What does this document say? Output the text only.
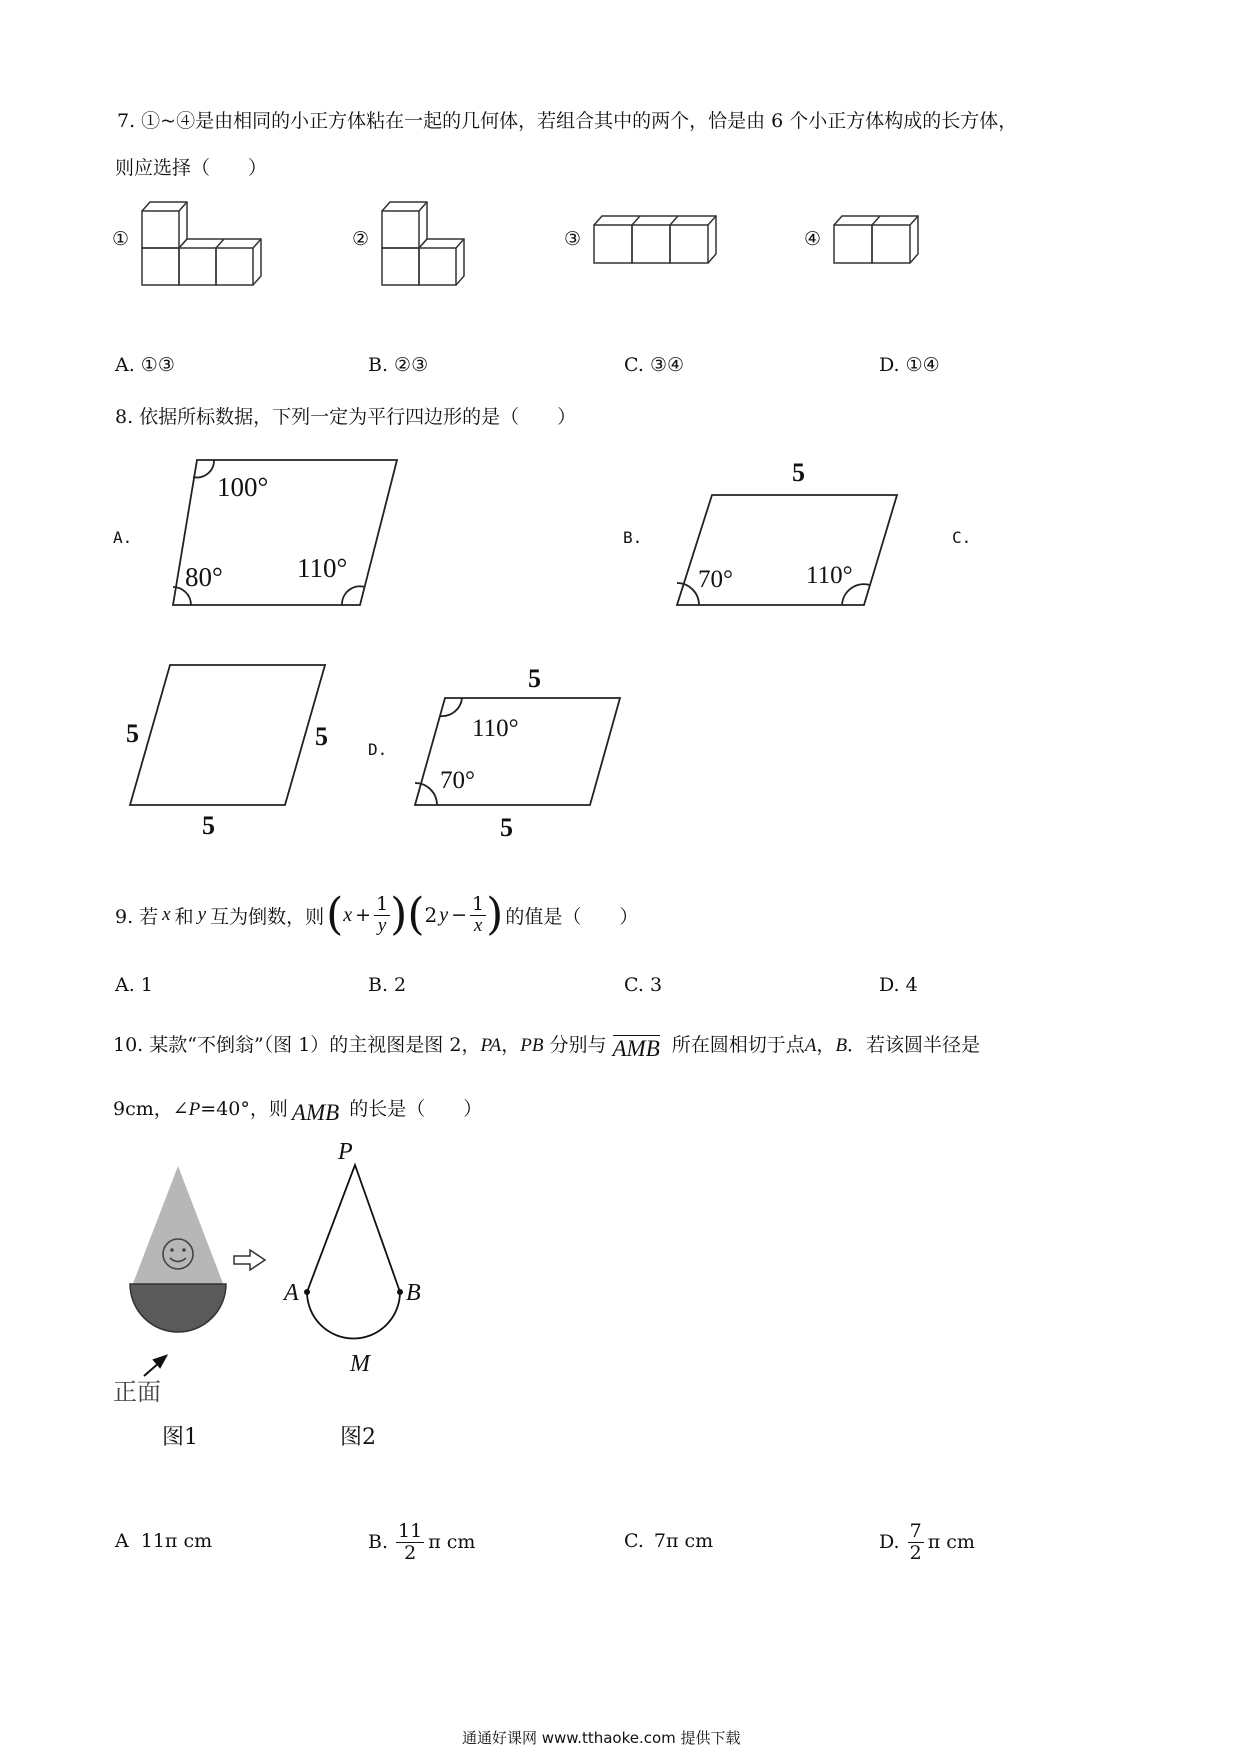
7. ①~④是由相同的小正方体粘在一起的几何体，若组合其中的两个，恰是由 6 个小正方体构成的长方体，
则应选择（　　）
①	②	③	④
A. ①③	B. ②③	C. ③④	D. ①④
8. 依据所标数据，下列一定为平行四边形的是（　　）
A.	B.	C.
D.
100°
80°	110°
5
70°	110°
5	5
5
5
5
110°
70°
9. 若 x 和 y 互为倒数，则 ( $x + \frac{1}{y}$ ) ( 2 $y - \frac{1}{x}$ ) 的值是（　　）
A. 1	B. 2	C. 3	D. 4
10. 某款“不倒翁”（图 1）的主视图是图 2，PA，PB 分别与 AMB 所在圆相切于点A，B．若该圆半径是
9cm，∠P=40°，则 AMB 的长是（　　）
正面
图1
P
A	B
M
图2
A 11π cm	B. $\frac{11}{2}$ π cm	C. 7π cm	D. $\frac{7}{2}$ π cm
通通好课网 www.tthaoke.com 提供下载
